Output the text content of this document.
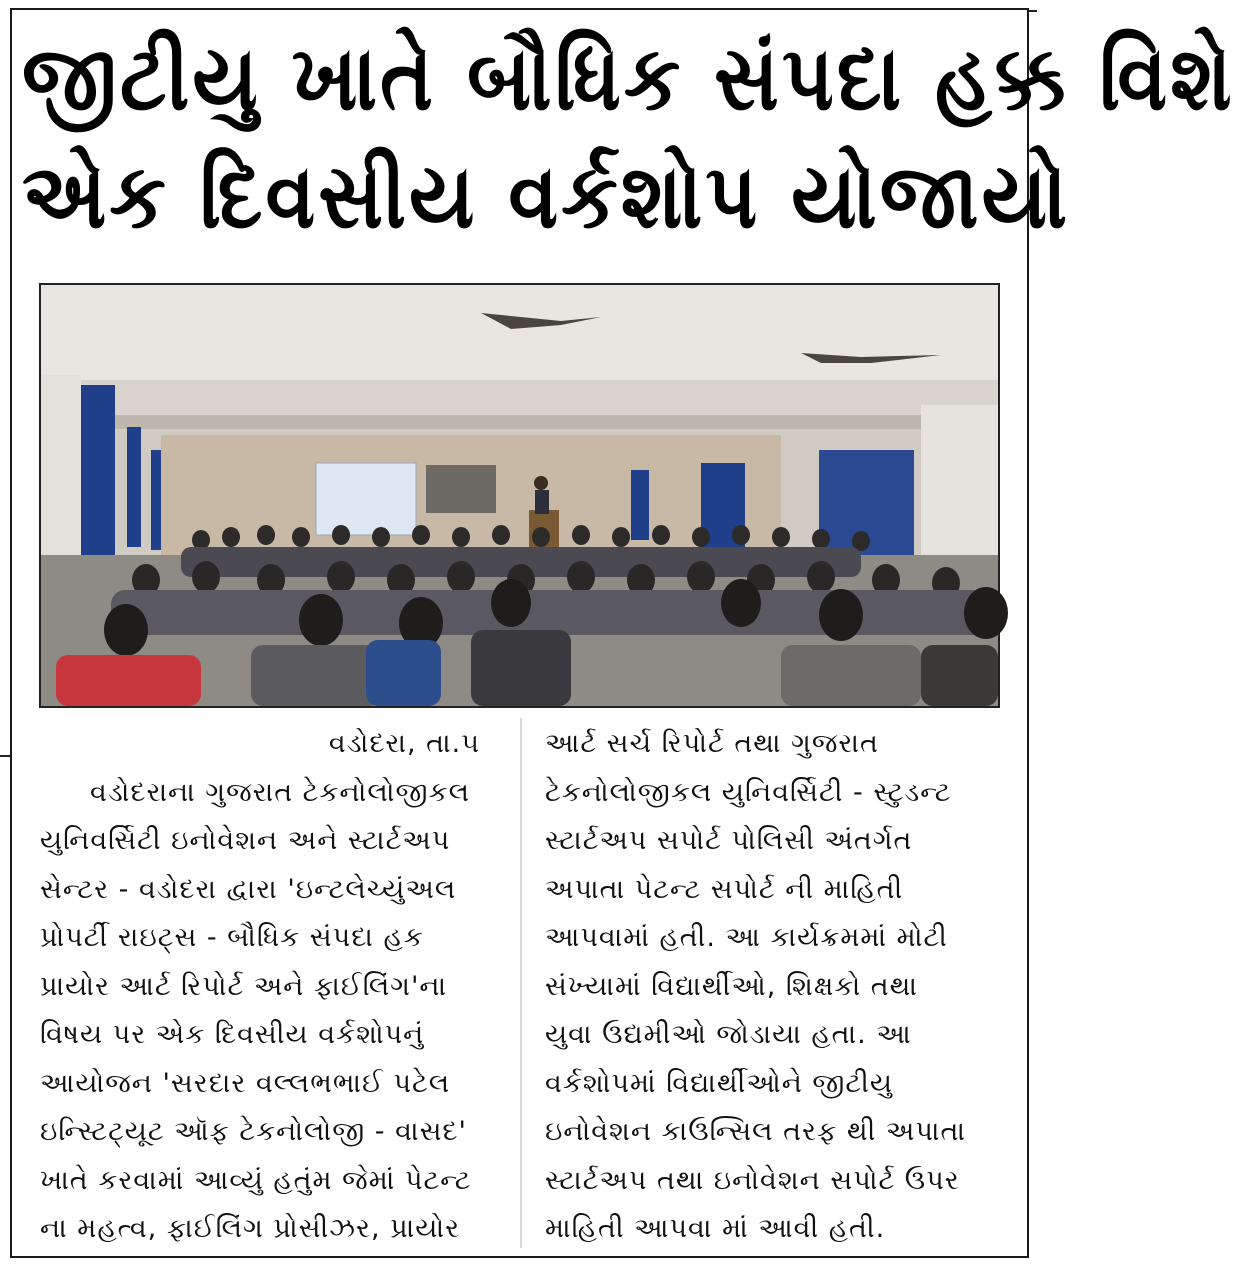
જીટીયુ ખાતે બૌધિક સંપદા હક્ક વિશે
એક દિવસીય વર્કશોપ યોજાયો

વડોદરા, તા.૫

વડોદરાના ગુજરાત ટેકનોલોજીકલ

યુનિવર્સિટી ઇનોવેશન અને સ્ટાર્ટઅપ

સેન્ટર - વડોદરા દ્વારા 'ઇન્ટલેચ્યુંઅલ

પ્રોપર્ટી રાઇટ્સ - બૌધિક સંપદા હક

પ્રાયોર આર્ટ રિપોર્ટ અને ફાઈલિંગ'ના

વિષય પર એક દિવસીય વર્કશોપનું

આયોજન 'સરદાર વલ્લભભાઈ પટેલ

ઇન્સ્ટિટ્યૂટ ઑફ ટેકનોલોજી - વાસદ'

ખાતે કરવામાં આવ્યું હતુંમ જેમાં પેટન્ટ

ના મહત્વ, ફાઈલિંગ પ્રોસીઝર, પ્રાયોર

આર્ટ સર્ચ રિપોર્ટ તથા ગુજરાત

ટેકનોલોજીકલ યુનિવર્સિટી - સ્ટુડન્ટ

સ્ટાર્ટઅપ સપોર્ટ પોલિસી અંતર્ગત

અપાતા પેટન્ટ સપોર્ટ ની માહિતી

આપવામાં હતી. આ કાર્યક્રમમાં મોટી

સંખ્યામાં વિદ્યાર્થીઓ, શિક્ષકો તથા

યુવા ઉદ્યમીઓ જોડાયા હતા. આ

વર્કશોપમાં વિદ્યાર્થીઓને જીટીયુ

ઇનોવેશન કાઉન્સિલ તરફ થી અપાતા

સ્ટાર્ટઅપ તથા ઇનોવેશન સપોર્ટ ઉપર

માહિતી આપવા માં આવી હતી.
